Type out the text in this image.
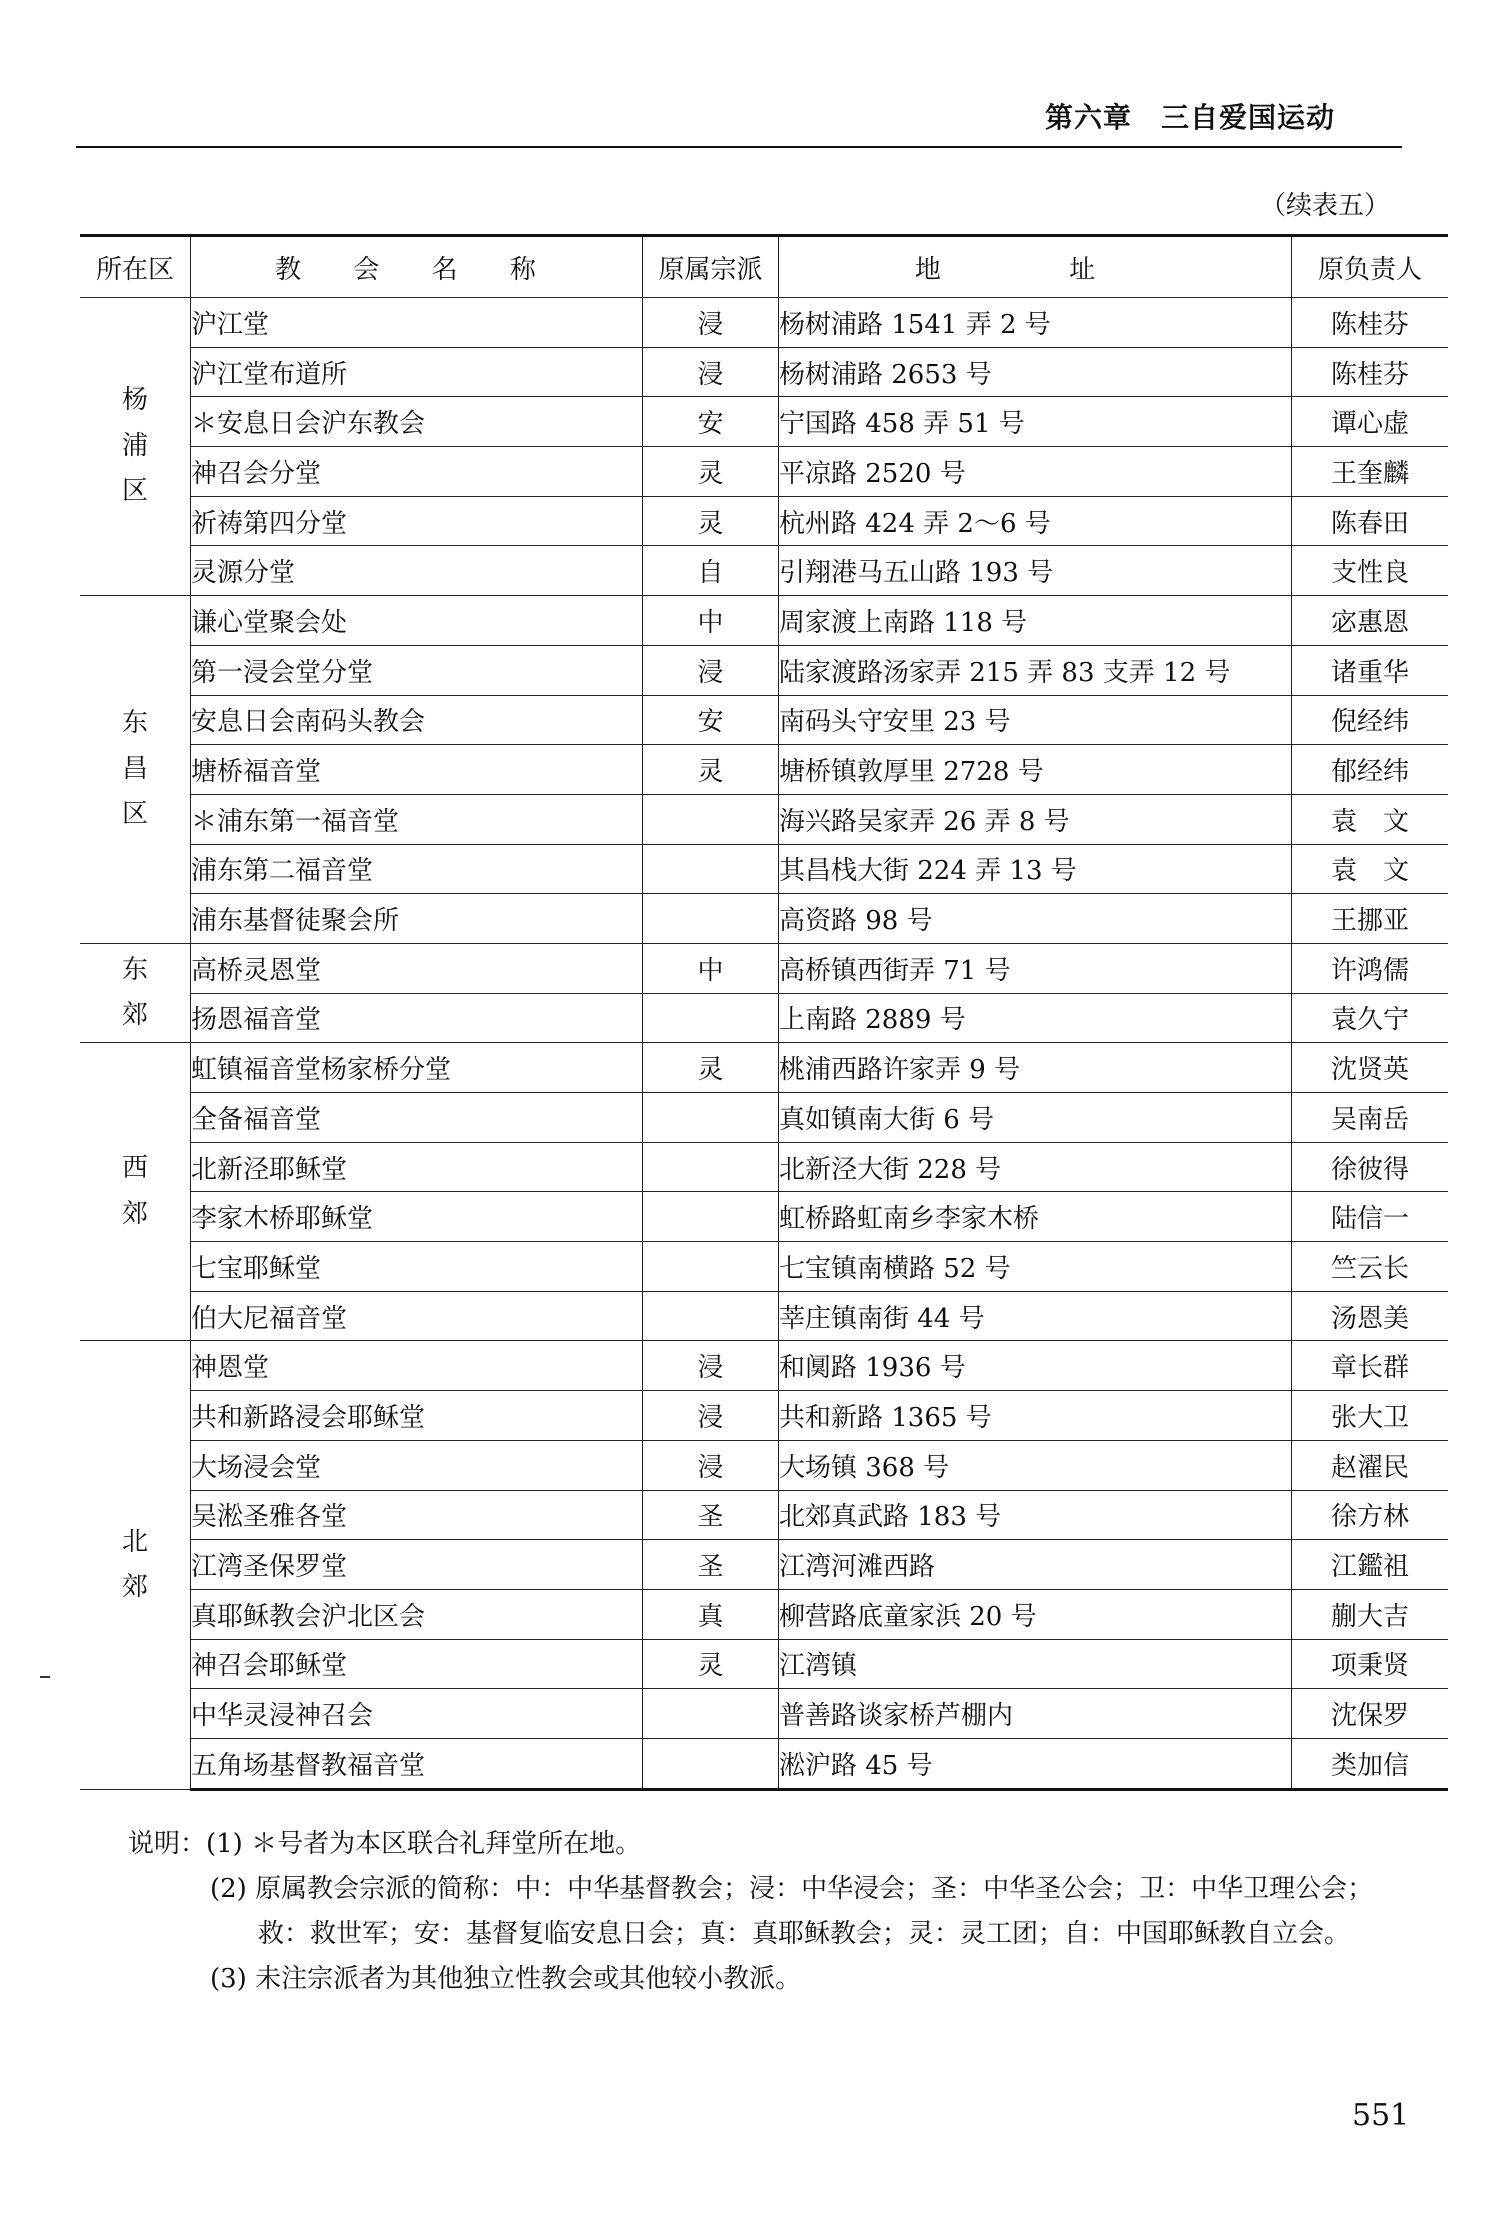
第六章　三自爱国运动
（续表五）
所在区	教 会 名 称	原属宗派	地 址	原负责人
杨浦区	沪江堂	浸	杨树浦路 1541 弄 2 号	陈桂芬
	沪江堂布道所	浸	杨树浦路 2653 号	陈桂芬
	＊安息日会沪东教会	安	宁国路 458 弄 51 号	谭心虚
	神召会分堂	灵	平凉路 2520 号	王奎麟
	祈祷第四分堂	灵	杭州路 424 弄 2～6 号	陈春田
	灵源分堂	自	引翔港马五山路 193 号	支性良
东昌区	谦心堂聚会处	中	周家渡上南路 118 号	宓惠恩
	第一浸会堂分堂	浸	陆家渡路汤家弄 215 弄 83 支弄 12 号	诸重华
	安息日会南码头教会	安	南码头守安里 23 号	倪经纬
	塘桥福音堂	灵	塘桥镇敦厚里 2728 号	郁经纬
	＊浦东第一福音堂		海兴路吴家弄 26 弄 8 号	袁　文
	浦东第二福音堂		其昌栈大街 224 弄 13 号	袁　文
	浦东基督徒聚会所		高资路 98 号	王挪亚
东郊	高桥灵恩堂	中	高桥镇西街弄 71 号	许鸿儒
	扬恩福音堂		上南路 2889 号	袁久宁
西郊	虹镇福音堂杨家桥分堂	灵	桃浦西路许家弄 9 号	沈贤英
	全备福音堂		真如镇南大街 6 号	吴南岳
	北新泾耶稣堂		北新泾大街 228 号	徐彼得
	李家木桥耶稣堂		虹桥路虹南乡李家木桥	陆信一
	七宝耶稣堂		七宝镇南横路 52 号	竺云长
	伯大尼福音堂		莘庄镇南街 44 号	汤恩美
北郊	神恩堂	浸	和阒路 1936 号	章长群
	共和新路浸会耶稣堂	浸	共和新路 1365 号	张大卫
	大场浸会堂	浸	大场镇 368 号	赵濯民
	吴淞圣雅各堂	圣	北郊真武路 183 号	徐方林
	江湾圣保罗堂	圣	江湾河滩西路	江鑑祖
	真耶稣教会沪北区会	真	柳营路底童家浜 20 号	蒯大吉
	神召会耶稣堂	灵	江湾镇	项秉贤
	中华灵浸神召会		普善路谈家桥芦棚内	沈保罗
	五角场基督教福音堂		淞沪路 45 号	类加信
说明：(1) ＊号者为本区联合礼拜堂所在地。
(2) 原属教会宗派的简称：中：中华基督教会；浸：中华浸会；圣：中华圣公会；卫：中华卫理公会；
救：救世军；安：基督复临安息日会；真：真耶稣教会；灵：灵工团；自：中国耶稣教自立会。
(3) 未注宗派者为其他独立性教会或其他较小教派。
551
